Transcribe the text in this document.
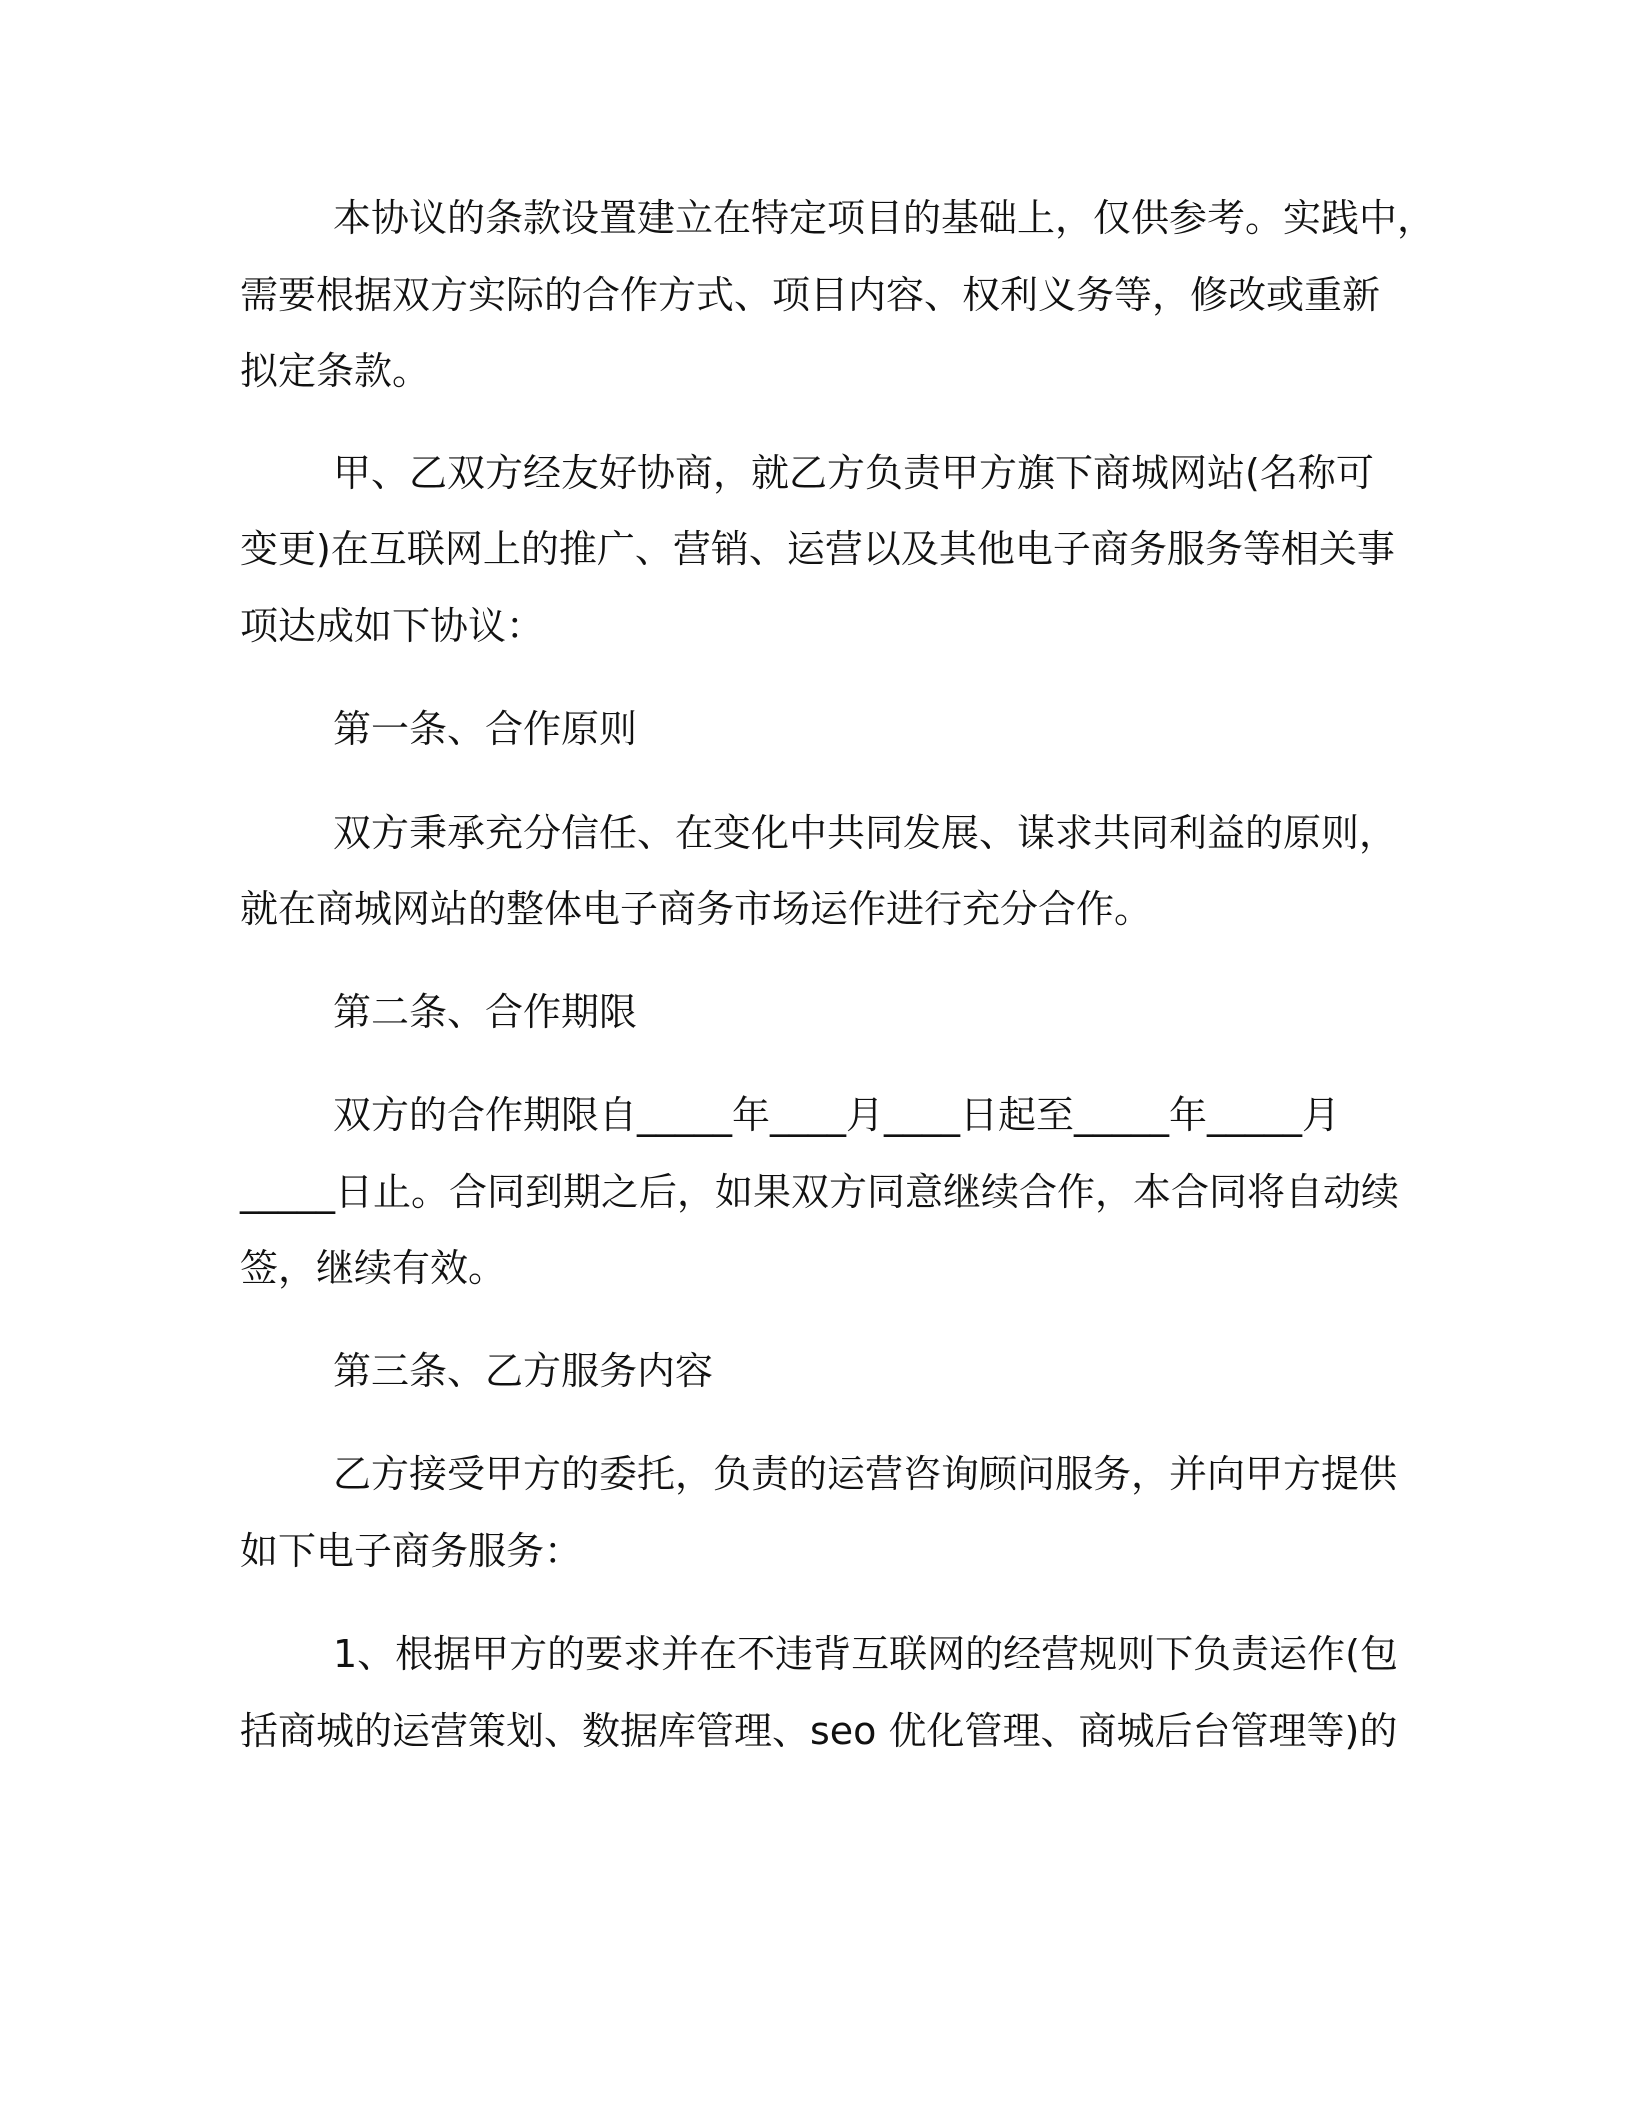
本协议的条款设置建立在特定项目的基础上，仅供参考。实践中，
需要根据双方实际的合作方式、项目内容、权利义务等，修改或重新
拟定条款。
甲、乙双方经友好协商，就乙方负责甲方旗下商城网站(名称可
变更)在互联网上的推广、营销、运营以及其他电子商务服务等相关事
项达成如下协议：
第一条、合作原则
双方秉承充分信任、在变化中共同发展、谋求共同利益的原则，
就在商城网站的整体电子商务市场运作进行充分合作。
第二条、合作期限
双方的合作期限自_____年____月____日起至_____年_____月
_____日止。合同到期之后，如果双方同意继续合作，本合同将自动续
签，继续有效。
第三条、乙方服务内容
乙方接受甲方的委托，负责的运营咨询顾问服务，并向甲方提供
如下电子商务服务：
1、根据甲方的要求并在不违背互联网的经营规则下负责运作(包
括商城的运营策划、数据库管理、seo 优化管理、商城后台管理等)的
